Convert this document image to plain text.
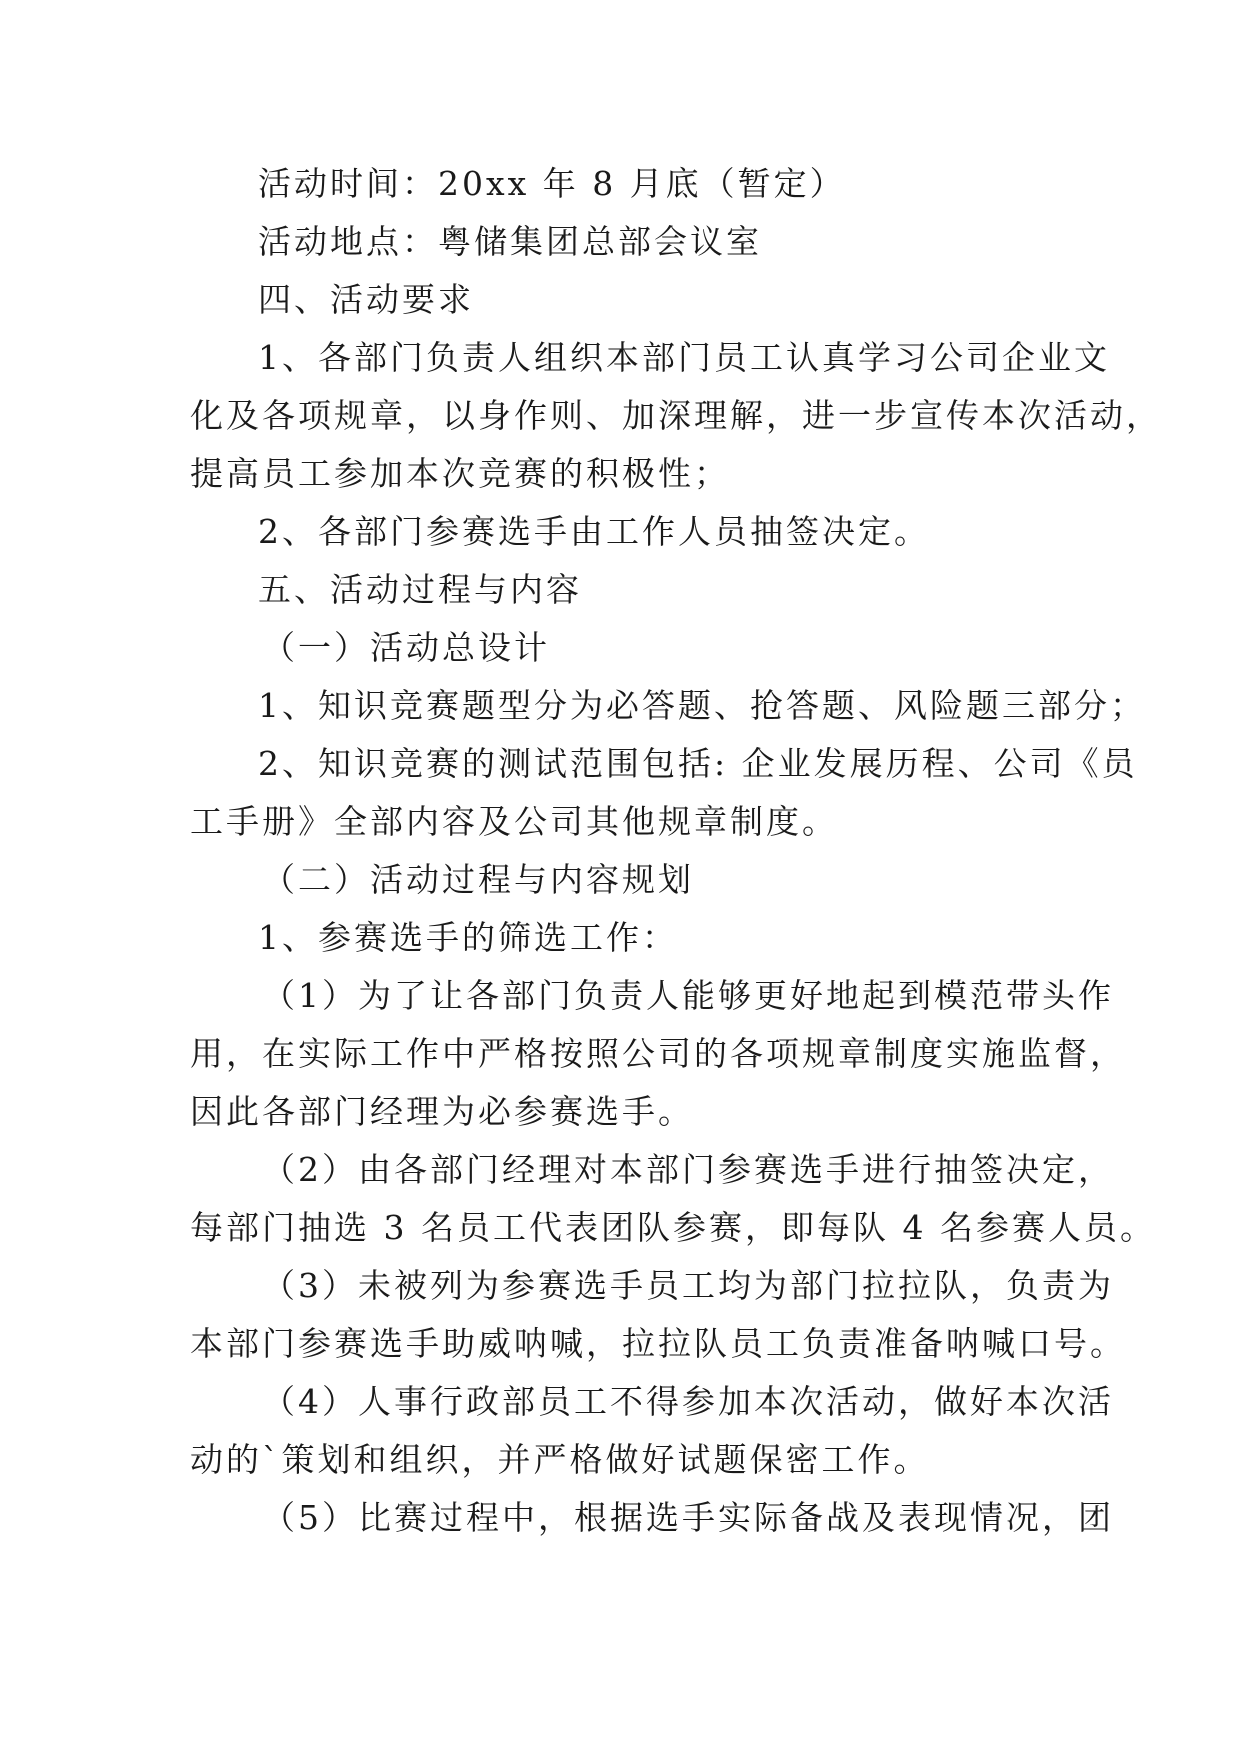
活动时间：20xx 年 8 月底（暂定）
活动地点：粤储集团总部会议室
四、活动要求
1、各部门负责人组织本部门员工认真学习公司企业文
化及各项规章，以身作则、加深理解，进一步宣传本次活动，
提高员工参加本次竞赛的积极性；
2、各部门参赛选手由工作人员抽签决定。
五、活动过程与内容
（一）活动总设计
1、知识竞赛题型分为必答题、抢答题、风险题三部分；
2、知识竞赛的测试范围包括: 企业发展历程、公司《员
工手册》全部内容及公司其他规章制度。
（二）活动过程与内容规划
1、参赛选手的筛选工作：
（1）为了让各部门负责人能够更好地起到模范带头作
用，在实际工作中严格按照公司的各项规章制度实施监督，
因此各部门经理为必参赛选手。
（2）由各部门经理对本部门参赛选手进行抽签决定，
每部门抽选 3 名员工代表团队参赛，即每队 4 名参赛人员。
（3）未被列为参赛选手员工均为部门拉拉队，负责为
本部门参赛选手助威呐喊，拉拉队员工负责准备呐喊口号。
（4）人事行政部员工不得参加本次活动，做好本次活
动的`策划和组织，并严格做好试题保密工作。
（5）比赛过程中，根据选手实际备战及表现情况，团
